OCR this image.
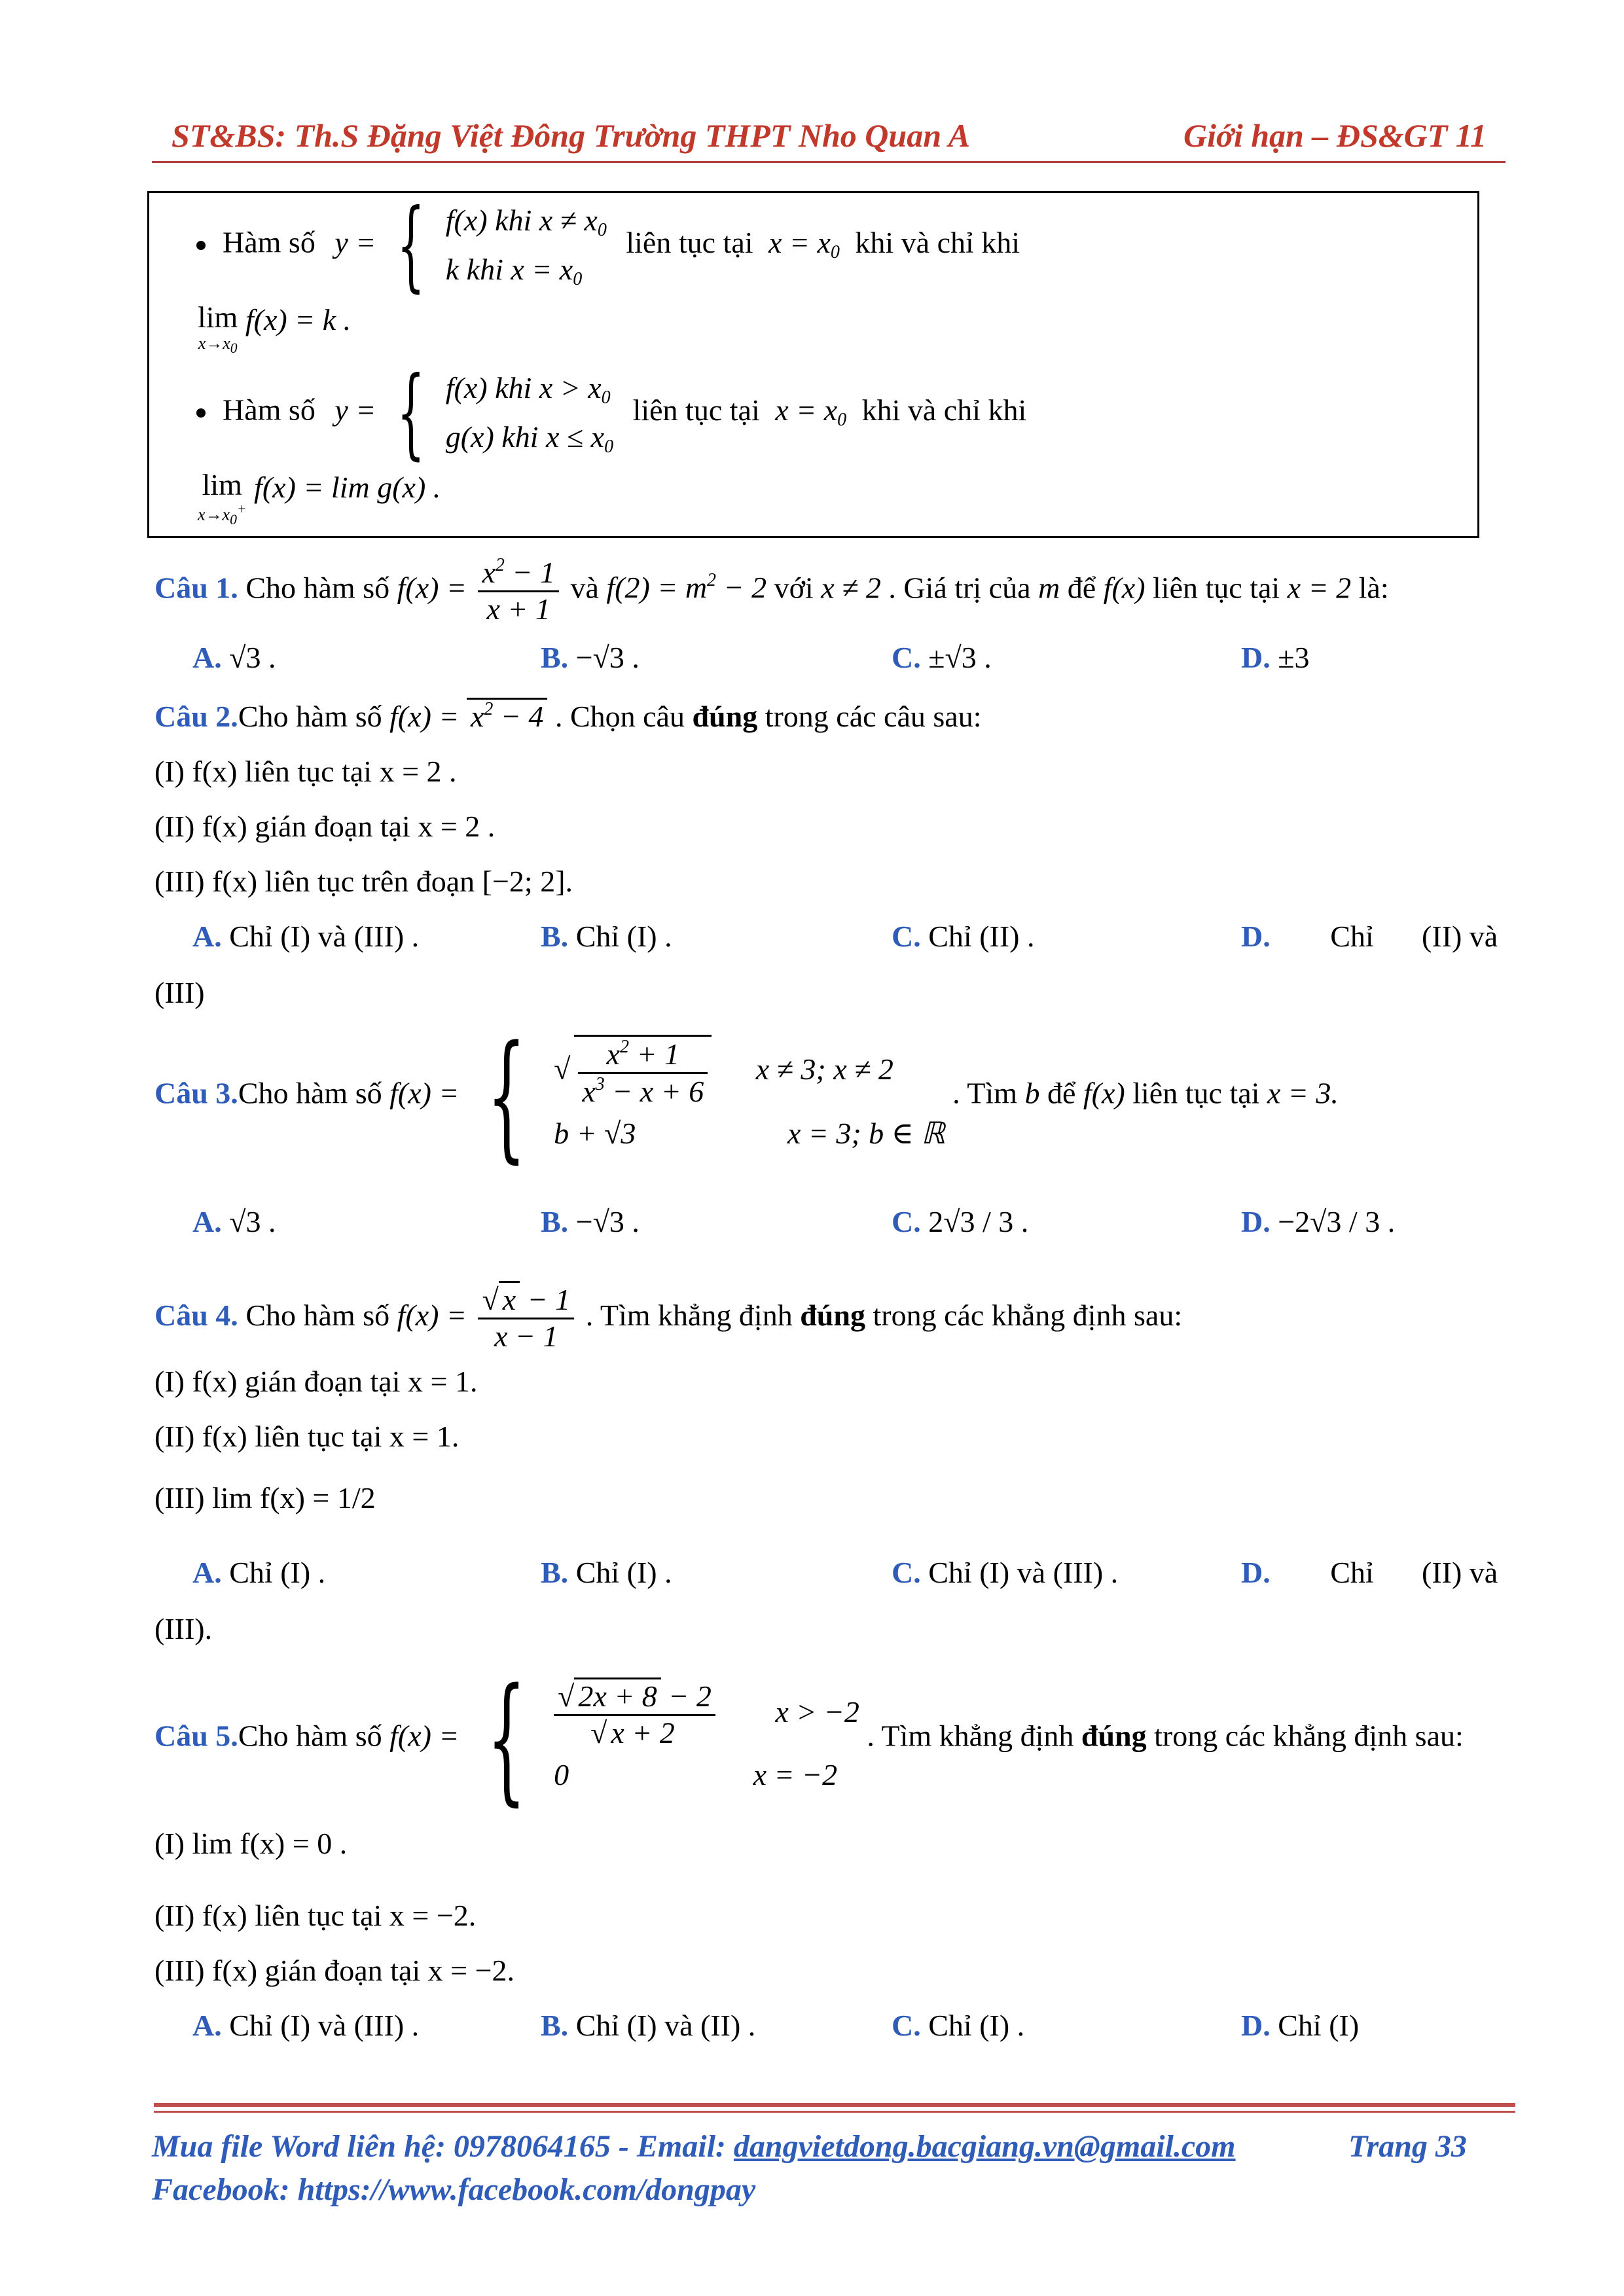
ST&BS: Th.S Đặng Việt Đông Trường THPT Nho Quan A	Giới hạn – ĐS&GT 11
Hàm số y = { f(x) khi $x \ne x_0$
k khi $x = x_0$
liên tục tại $x = x_0$ khi và chỉ khi
lim
$x\to x_0$
f(x) = k .
Hàm số y = { f(x) khi $x > x_0$
g(x) khi $x \le x_0$
liên tục tại $x = x_0$ khi và chỉ khi
lim
$x\to x_0^+$
f(x) = lim g(x) .
Câu 1. Cho hàm số $f(x) = \frac{x^2 - 1}{x + 1}$ và $f(2) = m^2 - 2$ với x ≠ 2 . Giá trị của m để f(x) liên tục tại x = 2 là:
A. √3 .	B. −√3 .	C. ±√3 .	D. ±3
Câu 2.Cho hàm số $f(x) = x^2 - 4$ . Chọn câu đúng trong các câu sau:
(I) f(x) liên tục tại x = 2 .
(II) f(x) gián đoạn tại x = 2 .
(III) f(x) liên tục trên đoạn [−2; 2].
A. Chỉ (I) và (III) .	B. Chỉ (I) .	C. Chỉ (II) .	D. Chỉ (II) và
(III)
Câu 3.Cho hàm số f(x) = { √ $\frac{x^2 + 1}{x^3 - x + 6}$ x ≠ 3; x ≠ 2
b + √3	x = 3; b ∈ ℝ
. Tìm b để f(x) liên tục tại x = 3.
A. √3 .	B. −√3 .	C. 2√3 / 3 .	D. −2√3 / 3 .
Câu 4. Cho hàm số $f(x) = \frac{√ x - 1}{x - 1}$ . Tìm khẳng định đúng trong các khẳng định sau:
(I) f(x) gián đoạn tại x = 1.
(II) f(x) liên tục tại x = 1.
(III) lim f(x) = 1/2
A. Chỉ (I) .	B. Chỉ (I) .	C. Chỉ (I) và (III) .	D. Chỉ (II) và
(III).
Câu 5.Cho hàm số f(x) = { $\frac{√ 2x + 8 - 2}{√ x + 2}$ x > −2
0	x = −2
. Tìm khẳng định đúng trong các khẳng định sau:
(I) lim f(x) = 0 .
(II) f(x) liên tục tại x = −2.
(III) f(x) gián đoạn tại x = −2.
A. Chỉ (I) và (III) .	B. Chỉ (I) và (II) .	C. Chỉ (I) .	D. Chỉ (I)
Mua file Word liên hệ: 0978064165 - Email: dangvietdong.bacgiang.vn@gmail.com	Trang 33
Facebook: https://www.facebook.com/dongpay
